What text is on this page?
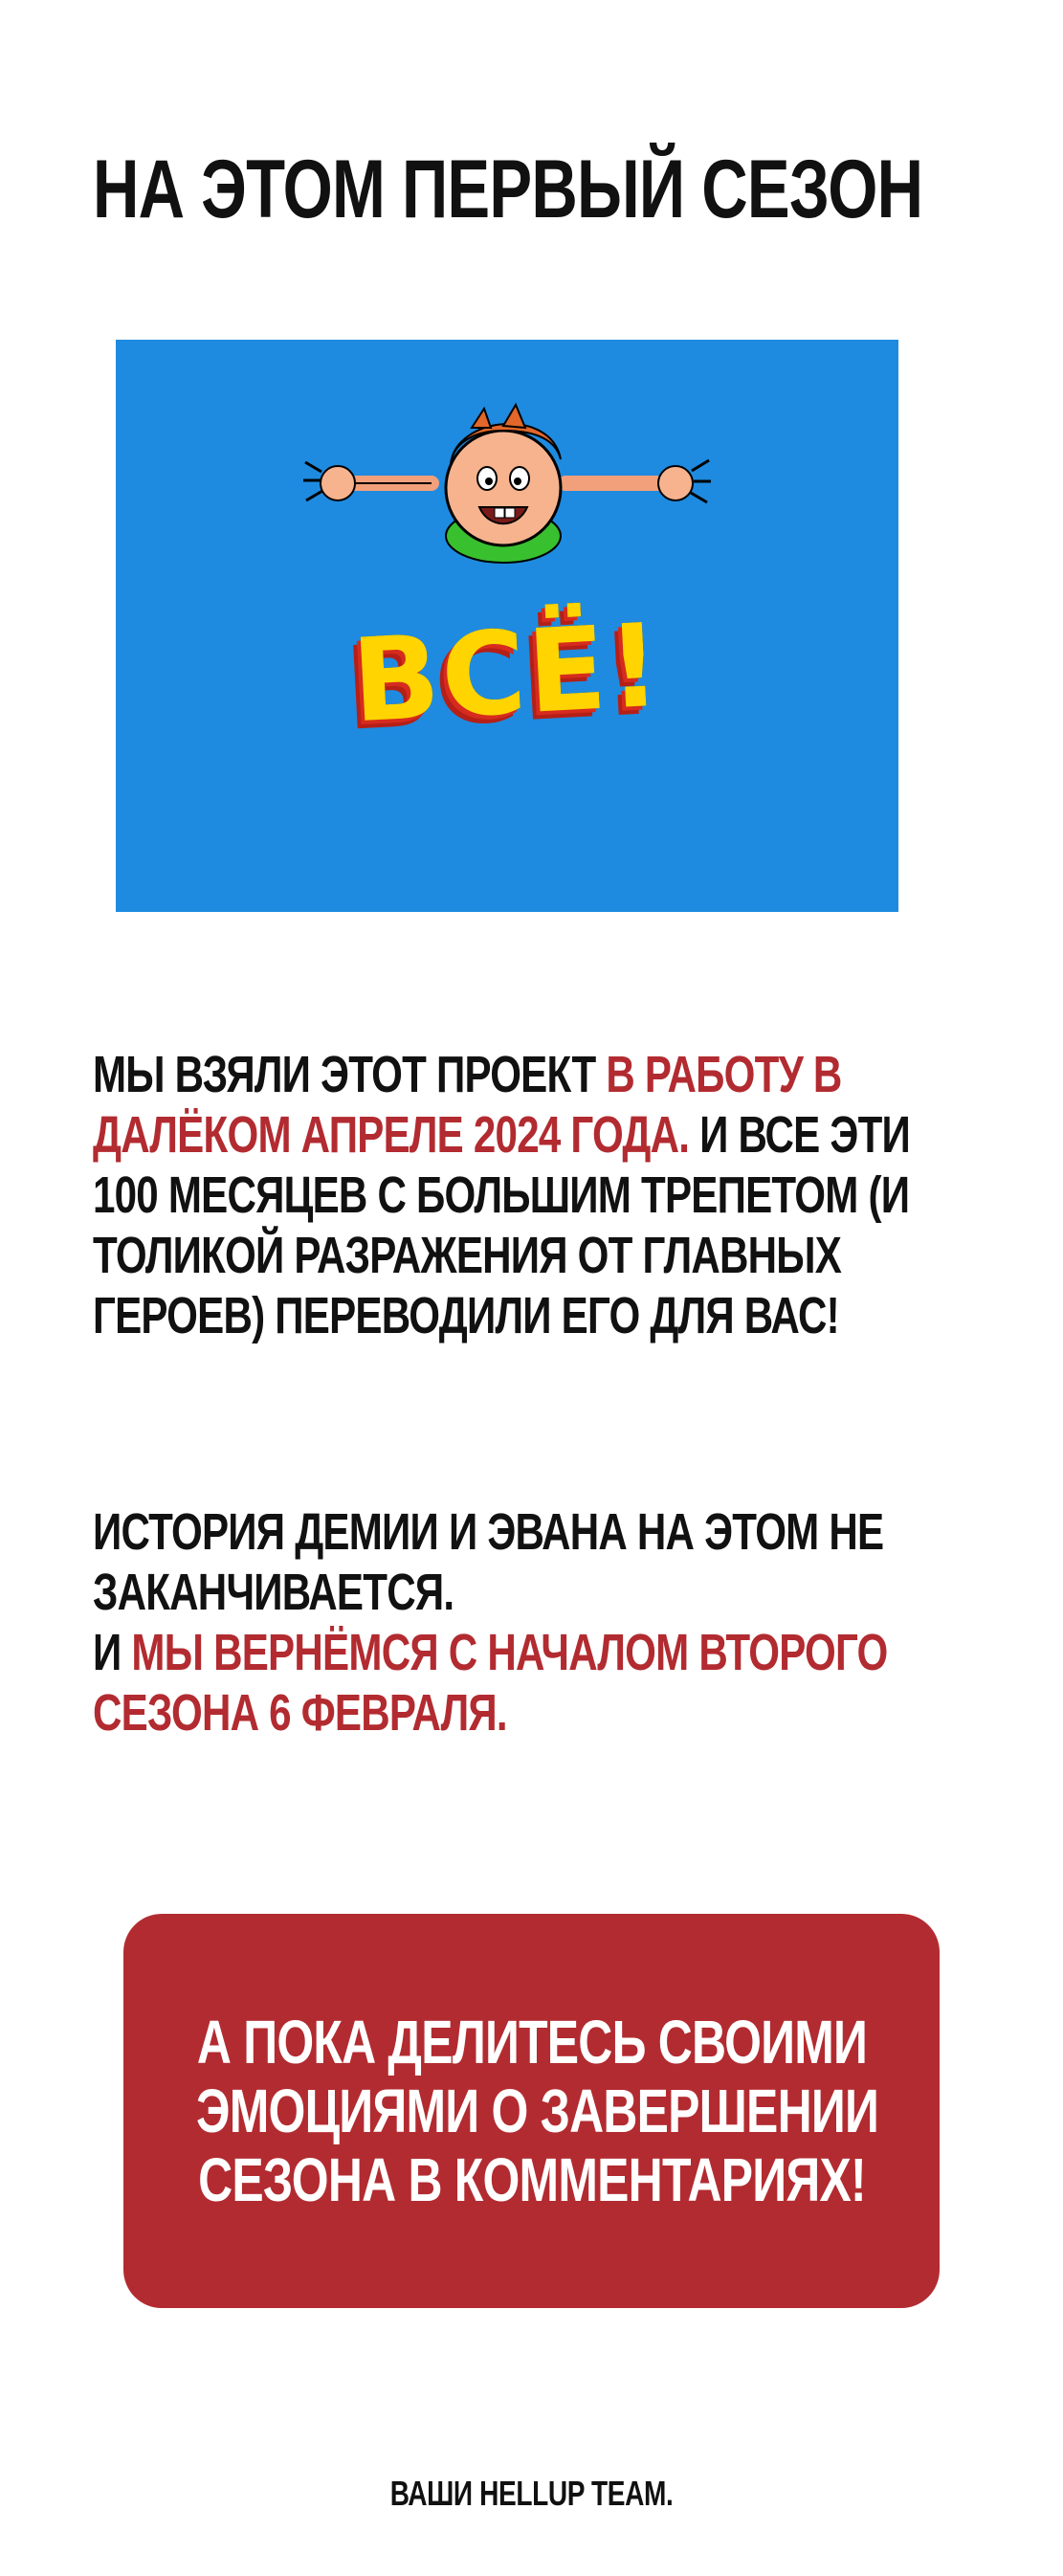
НА ЭТОМ ПЕРВЫЙ СЕЗОН
ВСЁ!
МЫ ВЗЯЛИ ЭТОТ ПРОЕКТ В РАБОТУ В
ДАЛЁКОМ АПРЕЛЕ 2024 ГОДА. И ВСЕ ЭТИ
100 МЕСЯЦЕВ С БОЛЬШИМ ТРЕПЕТОМ (И
ТОЛИКОЙ РАЗРАЖЕНИЯ ОТ ГЛАВНЫХ
ГЕРОЕВ) ПЕРЕВОДИЛИ ЕГО ДЛЯ ВАС!
ИСТОРИЯ ДЕМИИ И ЭВАНА НА ЭТОМ НЕ
ЗАКАНЧИВАЕТСЯ.
И МЫ ВЕРНЁМСЯ С НАЧАЛОМ ВТОРОГО
СЕЗОНА 6 ФЕВРАЛЯ.
А ПОКА ДЕЛИТЕСЬ СВОИМИ
ЭМОЦИЯМИ О ЗАВЕРШЕНИИ
СЕЗОНА В КОММЕНТАРИЯХ!
ВАШИ HELLUP TEAM.
